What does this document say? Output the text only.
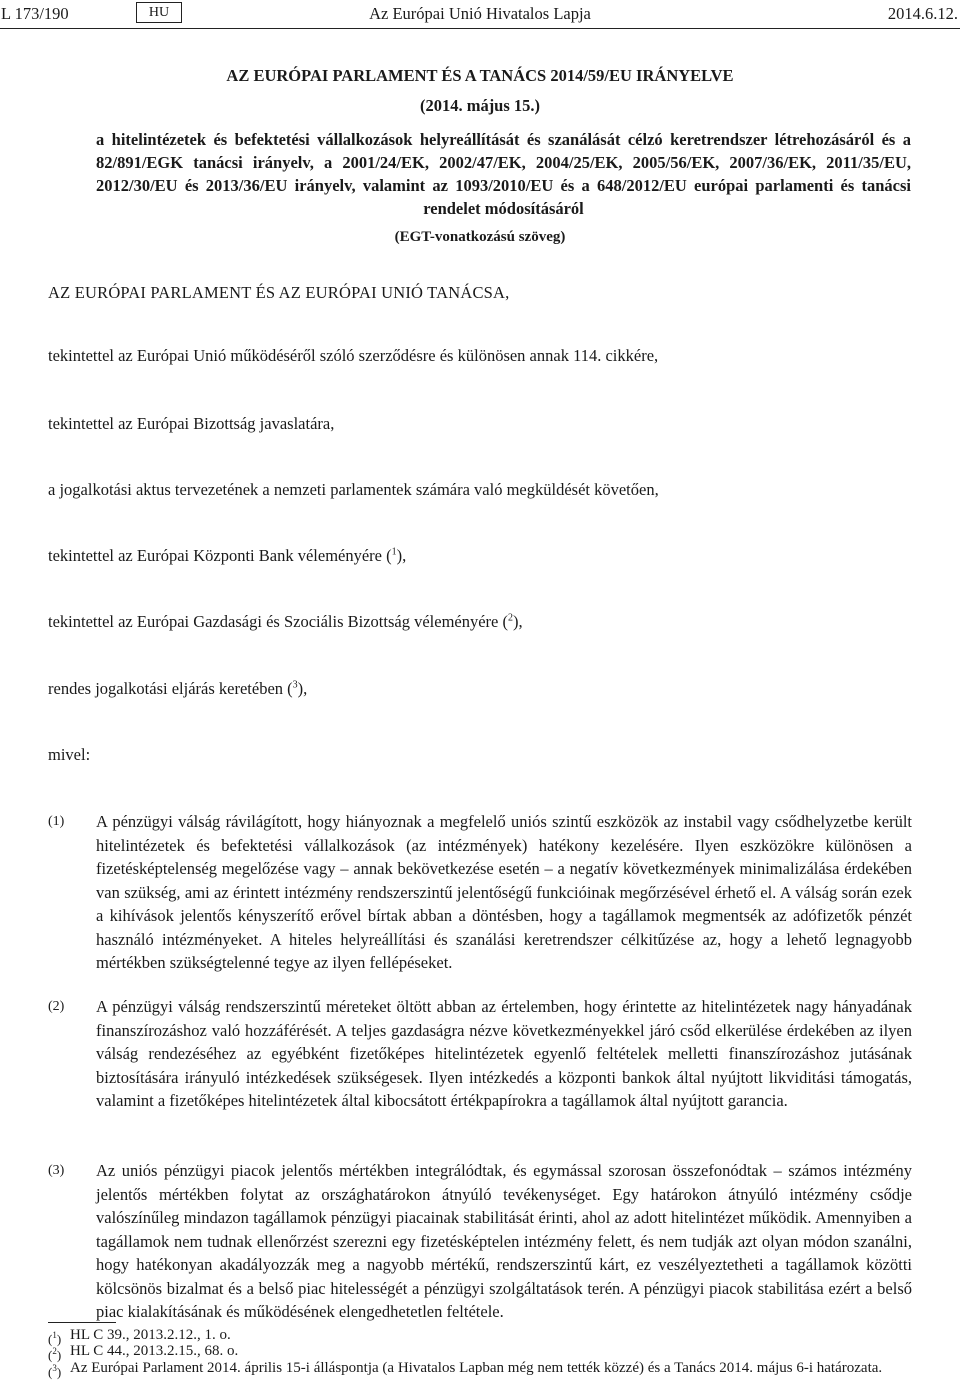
L 173/190	HU	Az Európai Unió Hivatalos Lapja	2014.6.12.
AZ EURÓPAI PARLAMENT ÉS A TANÁCS 2014/59/EU IRÁNYELVE
(2014. május 15.)
a hitelintézetek és befektetési vállalkozások helyreállítását és szanálását célzó keretrendszer létrehozásáról és a 82/891/EGK tanácsi irányelv, a 2001/24/EK, 2002/47/EK, 2004/25/EK, 2005/56/EK, 2007/36/EK, 2011/35/EU, 2012/30/EU és 2013/36/EU irányelv, valamint az 1093/2010/EU és a 648/2012/EU európai parlamenti és tanácsi rendelet módosításáról
(EGT-vonatkozású szöveg)
AZ EURÓPAI PARLAMENT ÉS AZ EURÓPAI UNIÓ TANÁCSA,
tekintettel az Európai Unió működéséről szóló szerződésre és különösen annak 114. cikkére,
tekintettel az Európai Bizottság javaslatára,
a jogalkotási aktus tervezetének a nemzeti parlamentek számára való megküldését követően,
tekintettel az Európai Központi Bank véleményére ($^1$),
tekintettel az Európai Gazdasági és Szociális Bizottság véleményére ($^2$),
rendes jogalkotási eljárás keretében ($^3$),
mivel:
(1)	A pénzügyi válság rávilágított, hogy hiányoznak a megfelelő uniós szintű eszközök az instabil vagy csődhelyzetbe került hitelintézetek és befektetési vállalkozások (az intézmények) hatékony kezelésére. Ilyen eszközökre különösen a fizetésképtelenség megelőzése vagy – annak bekövetkezése esetén – a negatív következmények minimalizálása érdekében van szükség, ami az érintett intézmény rendszerszintű jelentőségű funkcióinak megőrzésével érhető el. A válság során ezek a kihívások jelentős kényszerítő erővel bírtak abban a döntésben, hogy a tagállamok megmentsék az adófizetők pénzét használó intézményeket. A hiteles helyreállítási és szanálási keretrendszer célkitűzése az, hogy a lehető legnagyobb mértékben szükségtelenné tegye az ilyen fellépéseket.
(2)	A pénzügyi válság rendszerszintű méreteket öltött abban az értelemben, hogy érintette az hitelintézetek nagy hányadának finanszírozáshoz való hozzáférését. A teljes gazdaságra nézve következményekkel járó csőd elkerülése érdekében az ilyen válság rendezéséhez az egyébként fizetőképes hitelintézetek egyenlő feltételek melletti finanszírozáshoz jutásának biztosítására irányuló intézkedések szükségesek. Ilyen intézkedés a központi bankok által nyújtott likviditási támogatás, valamint a fizetőképes hitelintézetek által kibocsátott értékpapírokra a tagállamok által nyújtott garancia.
(3)	Az uniós pénzügyi piacok jelentős mértékben integrálódtak, és egymással szorosan összefonódtak – számos intézmény jelentős mértékben folytat az országhatárokon átnyúló tevékenységet. Egy határokon átnyúló intézmény csődje valószínűleg mindazon tagállamok pénzügyi piacainak stabilitását érinti, ahol az adott hitelintézet működik. Amennyiben a tagállamok nem tudnak ellenőrzést szerezni egy fizetésképtelen intézmény felett, és nem tudják azt olyan módon szanálni, hogy hatékonyan akadályozzák meg a nagyobb mértékű, rendszerszintű kárt, ez veszélyeztetheti a tagállamok közötti kölcsönös bizalmat és a belső piac hitelességét a pénzügyi szolgáltatások terén. A pénzügyi piacok stabilitása ezért a belső piac kialakításának és működésének elengedhetetlen feltétele.
($^1$) HL C 39., 2013.2.12., 1. o.
($^2$) HL C 44., 2013.2.15., 68. o.
($^3$) Az Európai Parlament 2014. április 15-i álláspontja (a Hivatalos Lapban még nem tették közzé) és a Tanács 2014. május 6-i határozata.
